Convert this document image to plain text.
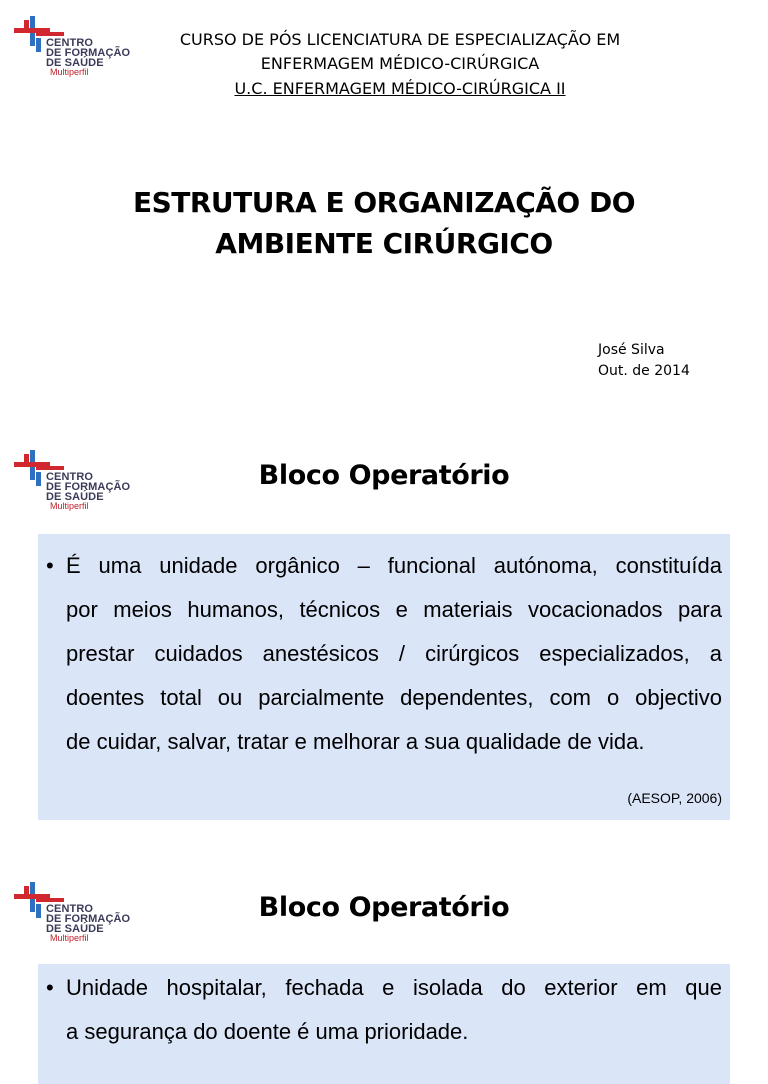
CENTRO
DE FORMAÇÃO
DE SAÚDE
Multiperfil
CURSO DE PÓS LICENCIATURA DE ESPECIALIZAÇÃO EM
ENFERMAGEM MÉDICO-CIRÚRGICA
U.C. ENFERMAGEM MÉDICO-CIRÚRGICA II
ESTRUTURA E ORGANIZAÇÃO DO
AMBIENTE CIRÚRGICO
José Silva
Out. de 2014
CENTRO
DE FORMAÇÃO
DE SAÚDE
Multiperfil
Bloco Operatório
• É uma unidade orgânico – funcional autónoma, constituída
por meios humanos, técnicos e materiais vocacionados para
prestar cuidados anestésicos / cirúrgicos especializados, a
doentes total ou parcialmente dependentes, com o objectivo
de cuidar, salvar, tratar e melhorar a sua qualidade de vida.
(AESOP, 2006)
CENTRO
DE FORMAÇÃO
DE SAÚDE
Multiperfil
Bloco Operatório
• Unidade hospitalar, fechada e isolada do exterior em que
a segurança do doente é uma prioridade.
